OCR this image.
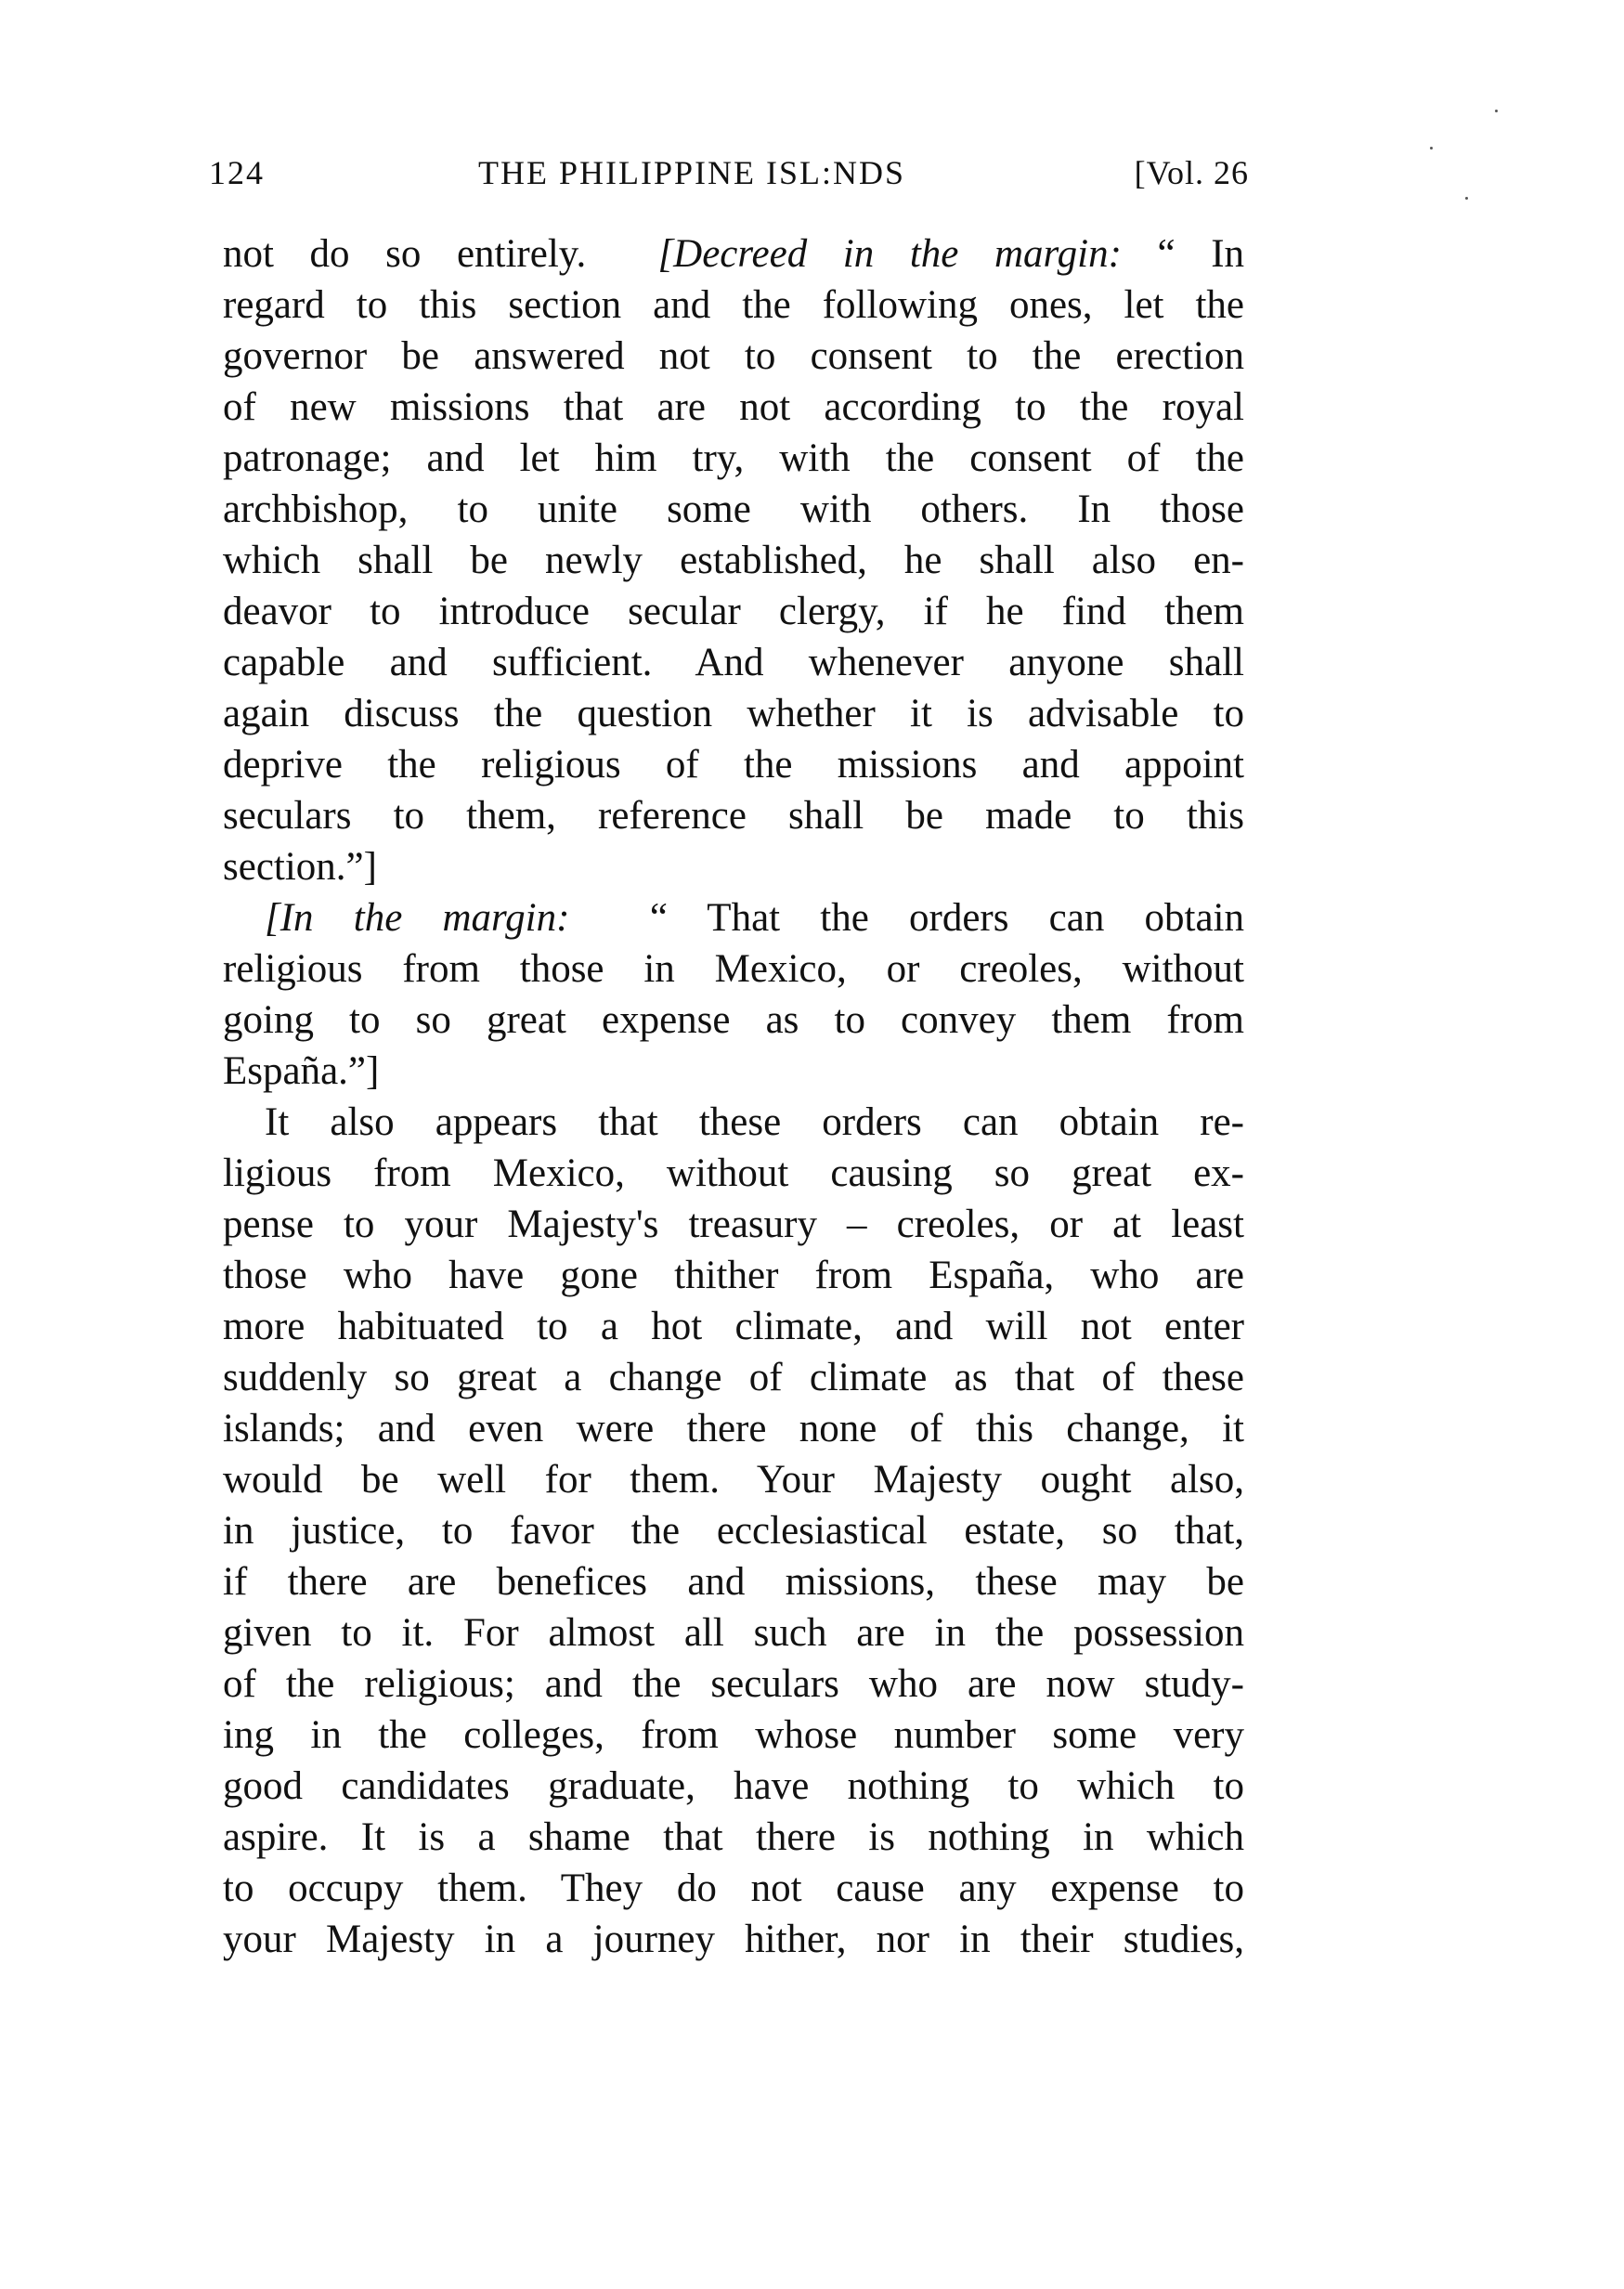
124	THE PHILIPPINE ISL:NDS	[Vol. 26
not do so entirely. [Decreed in the margin: “ In
regard to this section and the following ones, let the
governor be answered not to consent to the erection
of new missions that are not according to the royal
patronage; and let him try, with the consent of the
archbishop, to unite some with others. In those
which shall be newly established, he shall also en-
deavor to introduce secular clergy, if he find them
capable and sufficient. And whenever anyone shall
again discuss the question whether it is advisable to
deprive the religious of the missions and appoint
seculars to them, reference shall be made to this
section.”]
[In the margin: “ That the orders can obtain
religious from those in Mexico, or creoles, without
going to so great expense as to convey them from
España.”]
It also appears that these orders can obtain re-
ligious from Mexico, without causing so great ex-
pense to your Majesty's treasury – creoles, or at least
those who have gone thither from España, who are
more habituated to a hot climate, and will not enter
suddenly so great a change of climate as that of these
islands; and even were there none of this change, it
would be well for them. Your Majesty ought also,
in justice, to favor the ecclesiastical estate, so that,
if there are benefices and missions, these may be
given to it. For almost all such are in the possession
of the religious; and the seculars who are now study-
ing in the colleges, from whose number some very
good candidates graduate, have nothing to which to
aspire. It is a shame that there is nothing in which
to occupy them. They do not cause any expense to
your Majesty in a journey hither, nor in their studies,
